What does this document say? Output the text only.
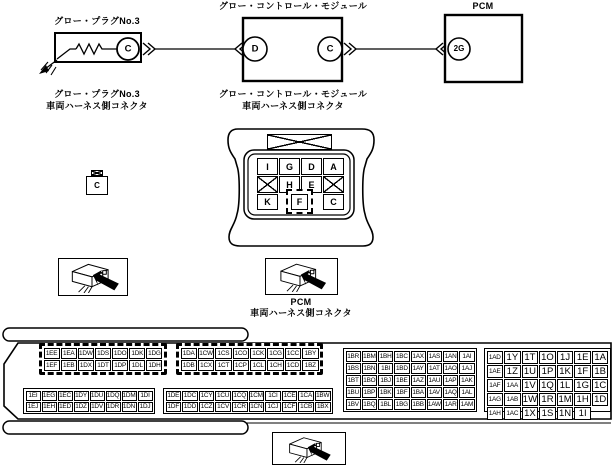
グロー・プラグNo.3
グロー・コントロール・モジュール	PCM
C	D	C	2G
グロー・プラグNo.3
車両ハーネス側コネクタ
グロー・コントロール・モジュール
車両ハーネス側コネクタ
C
I	G	D	A
H	E
K	F	C
PCM
車両ハーネス側コネクタ
1EE 1EA 1DW 1DS 1DO 1DK 1DG
1EF 1EB 1DX 1DT 1DP 1DL 1DH
1DA 1CW 1CS 1CO 1CK 1CG 1CC 1BY
1DB 1CX 1CT 1CP 1CL 1CH 1CD 1BZ
1EI 1EG 1EC 1DY 1DU 1DQ 1DM 1DI
1EJ 1EH 1ED 1DZ 1DV 1DR 1DN 1DJ
1DE 1DC 1CY 1CU 1CQ 1CM 1CI 1CE 1CA 1BW
1DF 1DD 1CZ 1CV 1CR 1CN 1CJ 1CF 1CB 1BX
1BR 1BM 1BH 1BC 1AX 1AS 1AN 1AI
1BS 1BN 1BI 1BD 1AY 1AT 1AO 1AJ
1BT 1BO 1BJ 1BE 1AZ 1AU 1AP 1AK
1BU 1BP 1BK 1BF 1BA 1AV 1AQ 1AL
1BV 1BQ 1BL 1BG 1BB 1AW 1AR 1AM
1AD 1Y 1T 1O 1J 1E 1A
1AE 1Z 1U 1P 1K 1F 1B
1AF 1AA 1V 1Q 1L 1G 1C
1AG 1AB 1W 1R 1M 1H 1D
1AH 1AC 1X 1S 1N 1I
